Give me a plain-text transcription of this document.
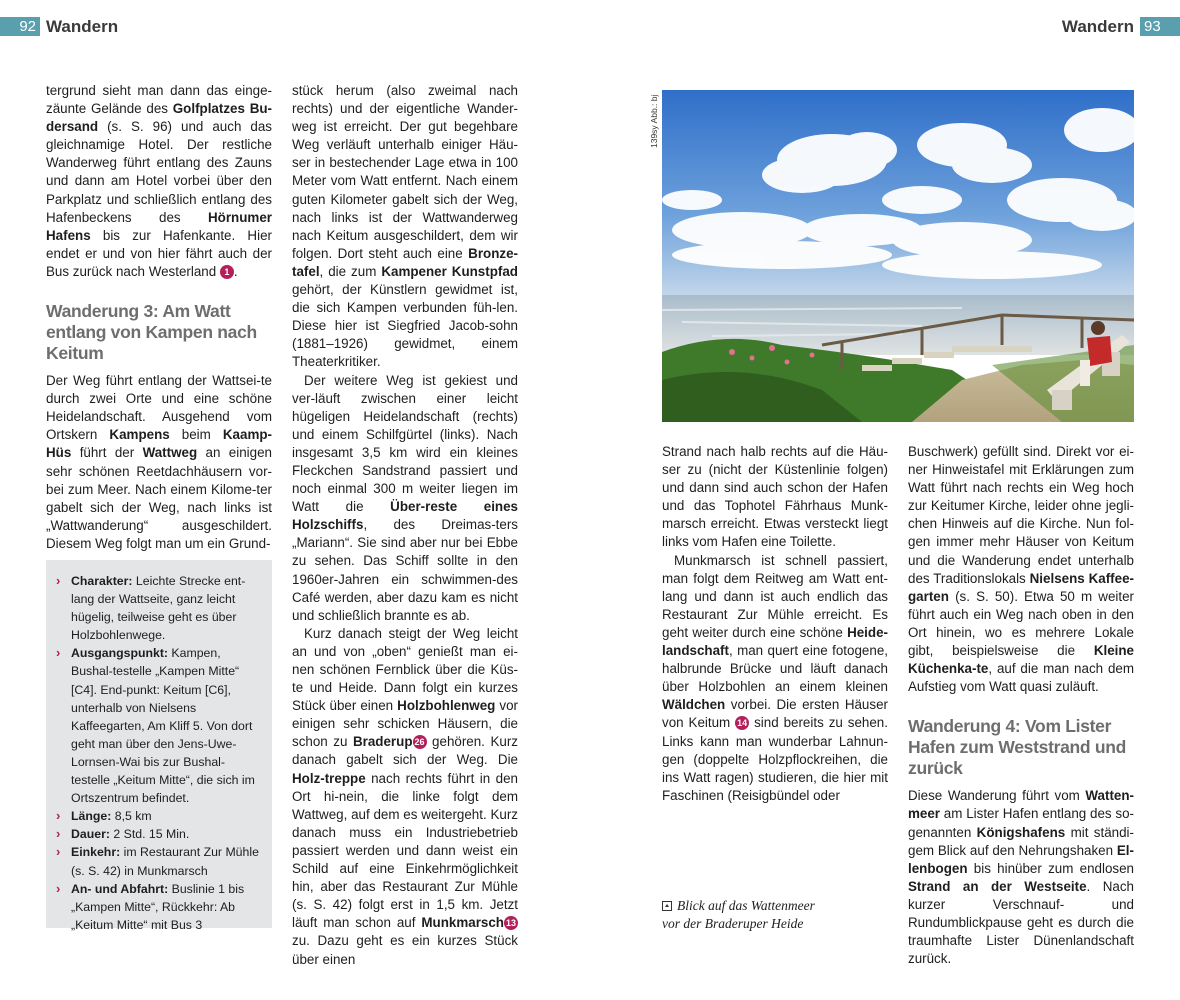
92 Wandern	Wandern 93

tergrund sieht man dann das einge-zäunte Gelände des Golfplatzes Bu-dersand (s. S. 96) und auch das gleichnamige Hotel. Der restliche Wanderweg führt entlang des Zauns und dann am Hotel vorbei über den Parkplatz und schließlich entlang des Hafenbeckens des Hörnumer Hafens bis zur Hafenkante. Hier endet er und von hier fährt auch der Bus zurück nach Westerland 1 .

Wanderung 3: Am Watt entlang von Kampen nach Keitum

Der Weg führt entlang der Wattsei-te durch zwei Orte und eine schöne Heidelandschaft. Ausgehend vom Ortskern Kampens beim Kaamp-Hüs führt der Wattweg an einigen sehr schönen Reetdachhäusern vor-bei zum Meer. Nach einem Kilome-ter gabelt sich der Weg, nach links ist „Wattwanderung“ ausgeschildert. Diesem Weg folgt man um ein Grund-

› Charakter: Leichte Strecke ent-lang der Wattseite, ganz leicht hügelig, teilweise geht es über Holzbohlenwege.
› Ausgangspunkt: Kampen, Bushal-testelle „Kampen Mitte“ [C4]. End-punkt: Keitum [C6], unterhalb von Nielsens Kaffeegarten, Am Kliff 5. Von dort geht man über den Jens-Uwe-Lornsen-Wai bis zur Bushal-testelle „Keitum Mitte“, die sich im Ortszentrum befindet.
› Länge: 8,5 km
› Dauer: 2 Std. 15 Min.
› Einkehr: im Restaurant Zur Mühle (s. S. 42) in Munkmarsch
› An- und Abfahrt: Buslinie 1 bis „Kampen Mitte“, Rückkehr: Ab „Keitum Mitte“ mit Bus 3

stück herum (also zweimal nach rechts) und der eigentliche Wander-weg ist erreicht. Der gut begehbare Weg verläuft unterhalb einiger Häu-ser in bestechender Lage etwa in 100 Meter vom Watt entfernt. Nach einem guten Kilometer gabelt sich der Weg, nach links ist der Wattwanderweg nach Keitum ausgeschildert, dem wir folgen. Dort steht auch eine Bronze-tafel, die zum Kampener Kunstpfad gehört, der Künstlern gewidmet ist, die sich Kampen verbunden füh-len. Diese hier ist Siegfried Jacob-sohn (1881–1926) gewidmet, einem Theaterkritiker.

Der weitere Weg ist gekiest und ver-läuft zwischen einer leicht hügeligen Heidelandschaft (rechts) und einem Schilfgürtel (links). Nach insgesamt 3,5 km wird ein kleines Fleckchen Sandstrand passiert und noch einmal 300 m weiter liegen im Watt die Über-reste eines Holzschiffs, des Dreimas-ters „Mariann“. Sie sind aber nur bei Ebbe zu sehen. Das Schiff sollte in den 1960er-Jahren ein schwimmen-des Café werden, aber dazu kam es nicht und schließlich brannte es ab.

Kurz danach steigt der Weg leicht an und von „oben“ genießt man ei-nen schönen Fernblick über die Küs-te und Heide. Dann folgt ein kurzes Stück über einen Holzbohlenweg vor einigen sehr schicken Häusern, die schon zu Braderup 26 gehören. Kurz danach gabelt sich der Weg. Die Holz-treppe nach rechts führt in den Ort hi-nein, die linke folgt dem Wattweg, auf dem es weitergeht. Kurz danach muss ein Industriebetrieb passiert werden und dann weist ein Schild auf eine Einkehrmöglichkeit hin, aber das Restaurant Zur Mühle (s. S. 42) folgt erst in 1,5 km. Jetzt läuft man schon auf Munkmarsch 13 zu. Dazu geht es ein kurzes Stück über einen

139sy Abb.: bj
Blick auf das Wattenmeer
vor der Braderuper Heide

Strand nach halb rechts auf die Häu-ser zu (nicht der Küstenlinie folgen) und dann sind auch schon der Hafen und das Tophotel Fährhaus Munk-marsch erreicht. Etwas versteckt liegt links vom Hafen eine Toilette.

Munkmarsch ist schnell passiert, man folgt dem Reitweg am Watt ent-lang und dann ist auch endlich das Restaurant Zur Mühle erreicht. Es geht weiter durch eine schöne Heide-landschaft, man quert eine fotogene, halbrunde Brücke und läuft danach über Holzbohlen an einem kleinen Wäldchen vorbei. Die ersten Häuser von Keitum 14 sind bereits zu sehen. Links kann man wunderbar Lahnun-gen (doppelte Holzpflockreihen, die ins Watt ragen) studieren, die hier mit Faschinen (Reisigbündel oder

Buschwerk) gefüllt sind. Direkt vor ei-ner Hinweistafel mit Erklärungen zum Watt führt nach rechts ein Weg hoch zur Keitumer Kirche, leider ohne jegli-chen Hinweis auf die Kirche. Nun fol-gen immer mehr Häuser von Keitum und die Wanderung endet unterhalb des Traditionslokals Nielsens Kaffee-garten (s. S. 50). Etwa 50 m weiter führt auch ein Weg nach oben in den Ort hinein, wo es mehrere Lokale gibt, beispielsweise die Kleine Küchenka-te, auf die man nach dem Aufstieg vom Watt quasi zuläuft.

Wanderung 4: Vom Lister Hafen zum Weststrand und zurück

Diese Wanderung führt vom Watten-meer am Lister Hafen entlang des so-genannten Königshafens mit ständi-gem Blick auf den Nehrungshaken El-lenbogen bis hinüber zum endlosen Strand an der Westseite. Nach kurzer Verschnauf- und Rundumblickpause geht es durch die traumhafte Lister Dünenlandschaft zurück.
